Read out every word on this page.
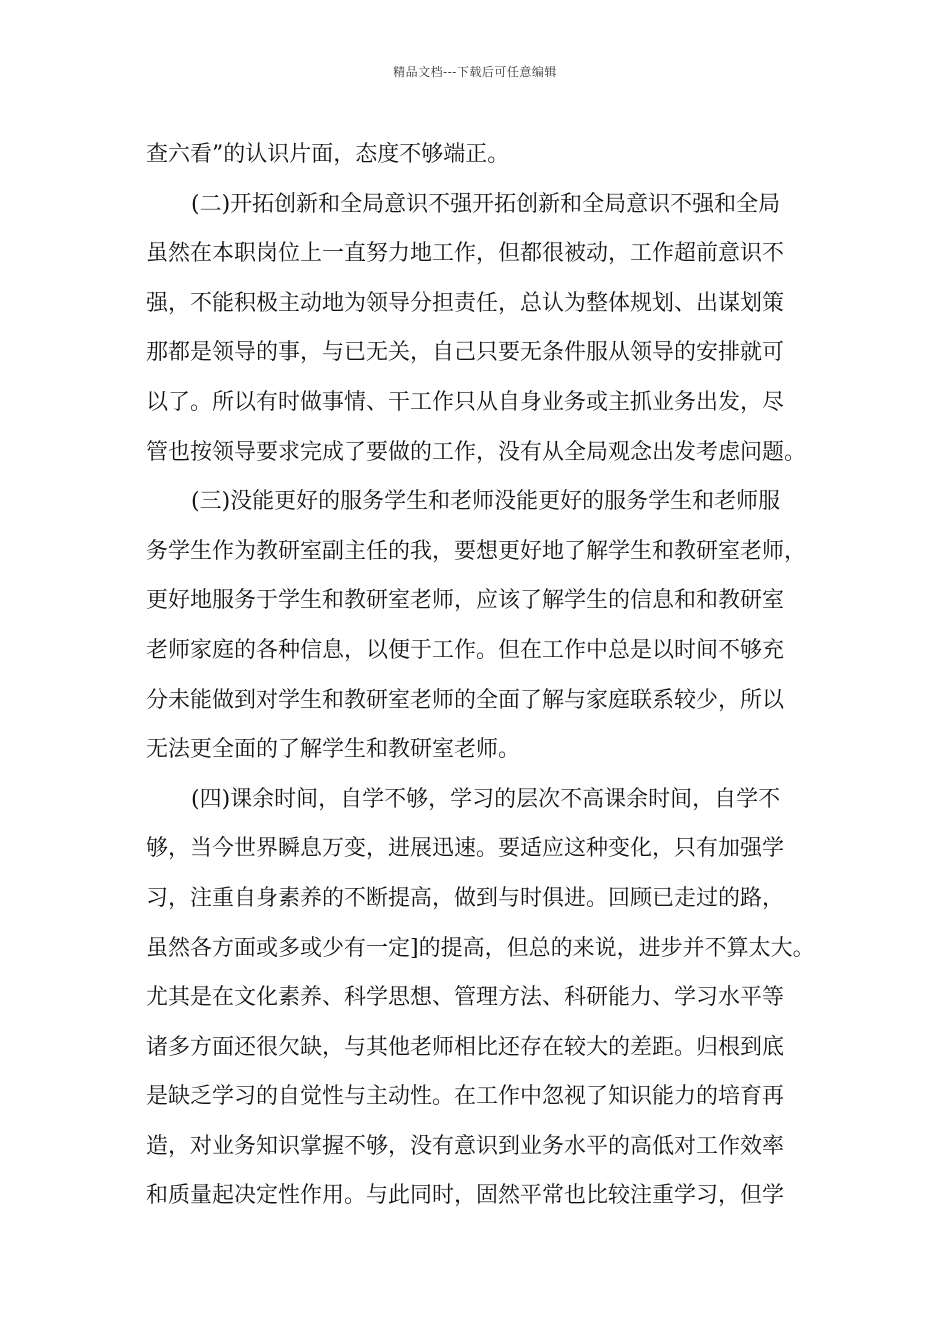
精品文档---下载后可任意编辑
查六看”的认识片面，态度不够端正。
(二)开拓创新和全局意识不强开拓创新和全局意识不强和全局
虽然在本职岗位上一直努力地工作，但都很被动，工作超前意识不
强，不能积极主动地为领导分担责任，总认为整体规划、出谋划策
那都是领导的事，与已无关，自己只要无条件服从领导的安排就可
以了。所以有时做事情、干工作只从自身业务或主抓业务出发，尽
管也按领导要求完成了要做的工作，没有从全局观念出发考虑问题。
(三)没能更好的服务学生和老师没能更好的服务学生和老师服
务学生作为教研室副主任的我，要想更好地了解学生和教研室老师，
更好地服务于学生和教研室老师，应该了解学生的信息和和教研室
老师家庭的各种信息，以便于工作。但在工作中总是以时间不够充
分未能做到对学生和教研室老师的全面了解与家庭联系较少，所以
无法更全面的了解学生和教研室老师。
(四)课余时间，自学不够，学习的层次不高课余时间，自学不
够，当今世界瞬息万变，进展迅速。要适应这种变化，只有加强学
习，注重自身素养的不断提高，做到与时俱进。回顾已走过的路，
虽然各方面或多或少有一定]的提高，但总的来说，进步并不算太大。
尤其是在文化素养、科学思想、管理方法、科研能力、学习水平等
诸多方面还很欠缺，与其他老师相比还存在较大的差距。归根到底
是缺乏学习的自觉性与主动性。在工作中忽视了知识能力的培育再
造，对业务知识掌握不够，没有意识到业务水平的高低对工作效率
和质量起决定性作用。与此同时，固然平常也比较注重学习，但学
